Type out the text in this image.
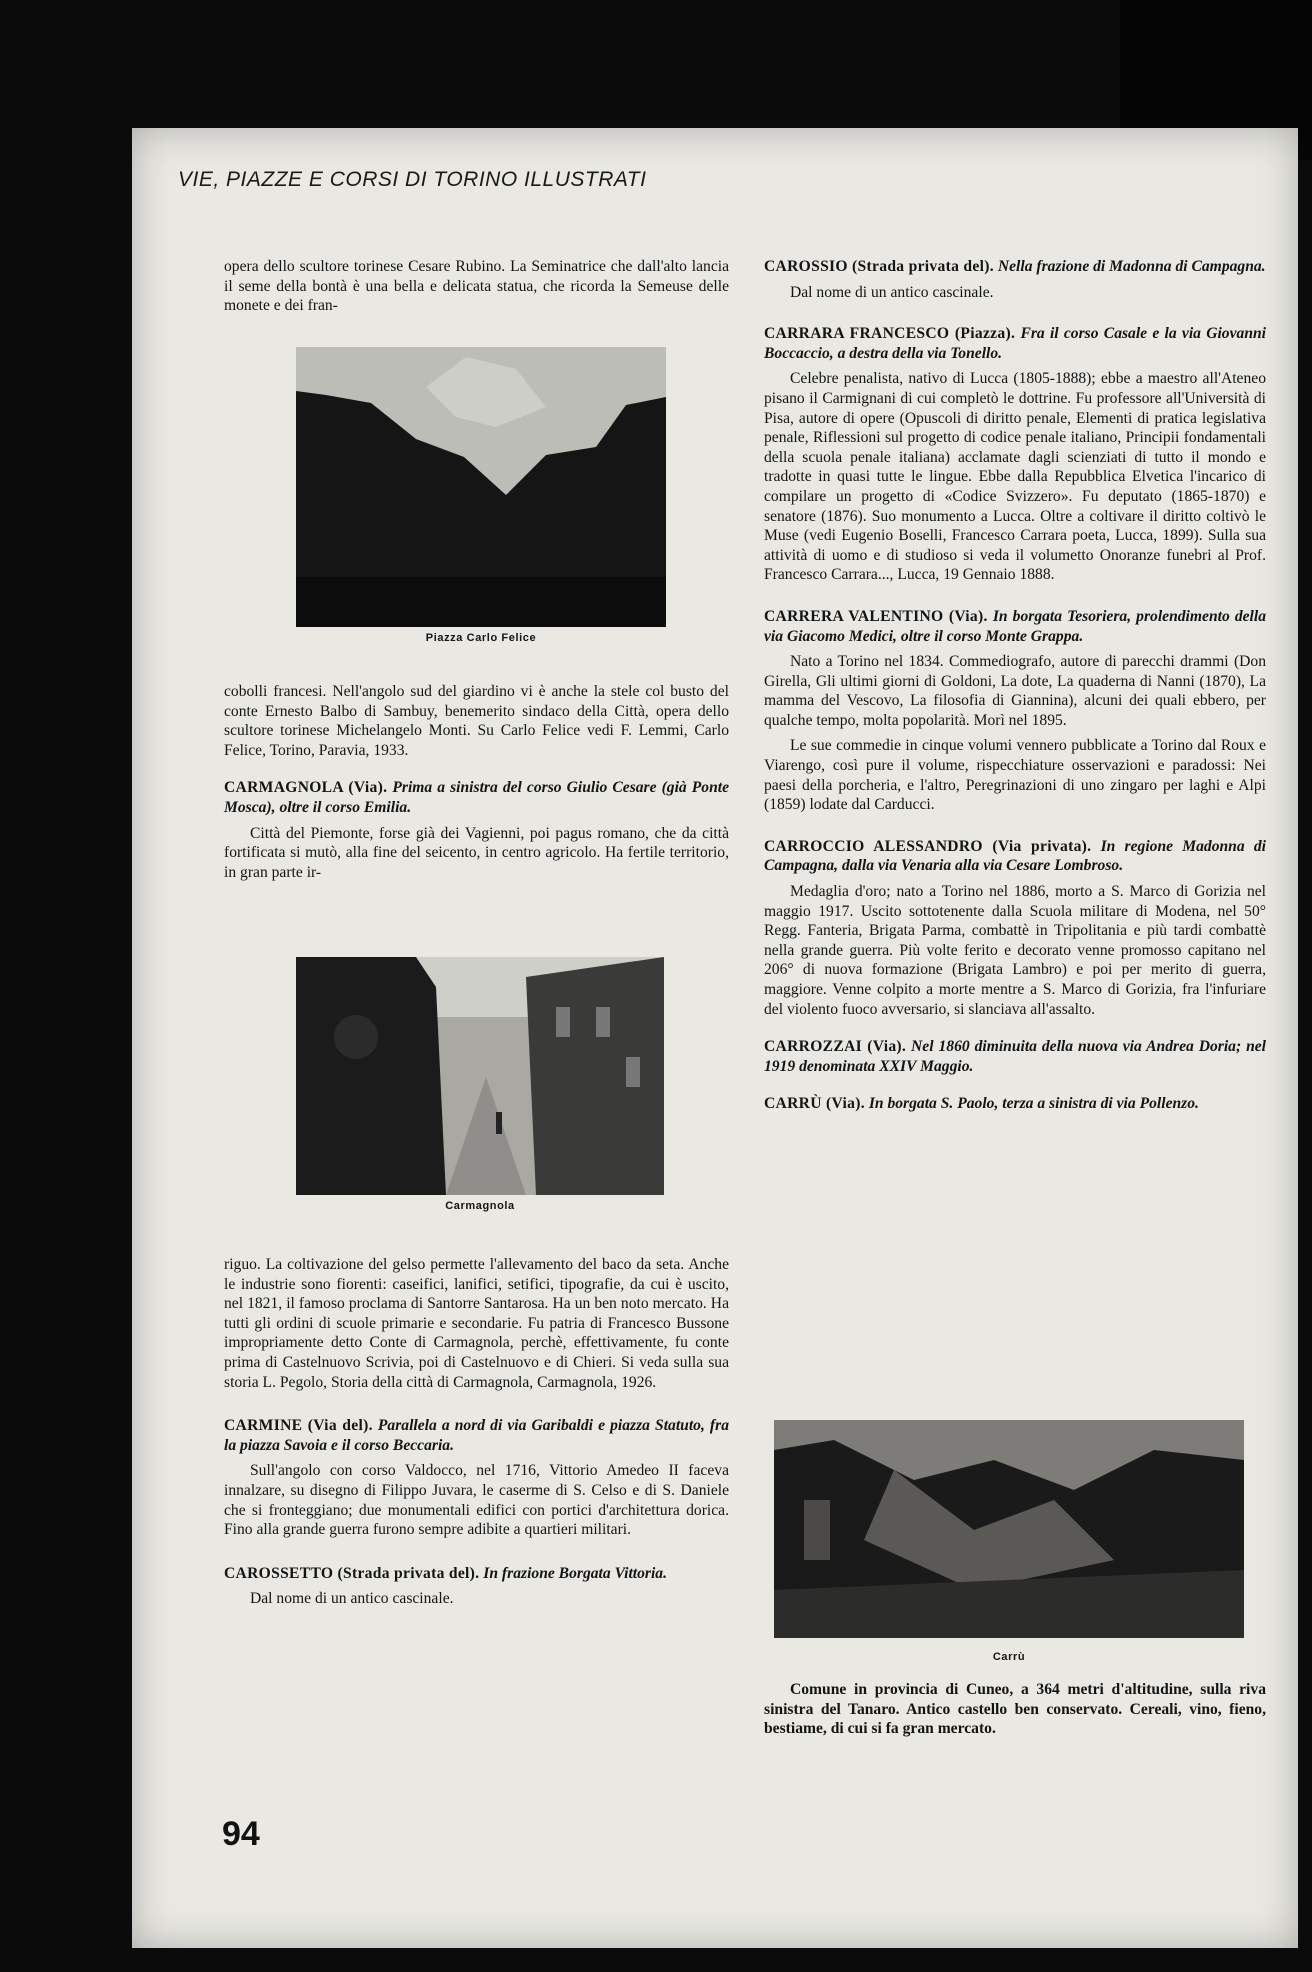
VIE, PIAZZE E CORSI DI TORINO ILLUSTRATI

opera dello scultore torinese Cesare Rubino. La Seminatrice che dall'alto lancia il seme della bontà è una bella e delicata statua, che ricorda la Semeuse delle monete e dei fran-

Piazza Carlo Felice

cobolli francesi. Nell'angolo sud del giardino vi è anche la stele col busto del conte Ernesto Balbo di Sambuy, benemerito sindaco della Città, opera dello scultore torinese Michelangelo Monti. Su Carlo Felice vedi F. Lemmi, Carlo Felice, Torino, Paravia, 1933.

CARMAGNOLA (Via). Prima a sinistra del corso Giulio Cesare (già Ponte Mosca), oltre il corso Emilia.

Città del Piemonte, forse già dei Vagienni, poi pagus romano, che da città fortificata si mutò, alla fine del seicento, in centro agricolo. Ha fertile territorio, in gran parte ir-

Carmagnola

riguo. La coltivazione del gelso permette l'allevamento del baco da seta. Anche le industrie sono fiorenti: caseifici, lanifici, setifici, tipografie, da cui è uscito, nel 1821, il famoso proclama di Santorre Santarosa. Ha un ben noto mercato. Ha tutti gli ordini di scuole primarie e secondarie. Fu patria di Francesco Bussone impropriamente detto Conte di Carmagnola, perchè, effettivamente, fu conte prima di Castelnuovo Scrivia, poi di Castelnuovo e di Chieri. Si veda sulla sua storia L. Pegolo, Storia della città di Carmagnola, Carmagnola, 1926.

CARMINE (Via del). Parallela a nord di via Garibaldi e piazza Statuto, fra la piazza Savoia e il corso Beccaria.

Sull'angolo con corso Valdocco, nel 1716, Vittorio Amedeo II faceva innalzare, su disegno di Filippo Juvara, le caserme di S. Celso e di S. Daniele che si fronteggiano; due monumentali edifici con portici d'architettura dorica. Fino alla grande guerra furono sempre adibite a quartieri militari.

CAROSSETTO (Strada privata del). In frazione Borgata Vittoria.

Dal nome di un antico cascinale.

CAROSSIO (Strada privata del). Nella frazione di Madonna di Campagna.

Dal nome di un antico cascinale.

CARRARA FRANCESCO (Piazza). Fra il corso Casale e la via Giovanni Boccaccio, a destra della via Tonello.

Celebre penalista, nativo di Lucca (1805-1888); ebbe a maestro all'Ateneo pisano il Carmignani di cui completò le dottrine. Fu professore all'Università di Pisa, autore di opere (Opuscoli di diritto penale, Elementi di pratica legislativa penale, Riflessioni sul progetto di codice penale italiano, Principii fondamentali della scuola penale italiana) acclamate dagli scienziati di tutto il mondo e tradotte in quasi tutte le lingue. Ebbe dalla Repubblica Elvetica l'incarico di compilare un progetto di «Codice Svizzero». Fu deputato (1865-1870) e senatore (1876). Suo monumento a Lucca. Oltre a coltivare il diritto coltivò le Muse (vedi Eugenio Boselli, Francesco Carrara poeta, Lucca, 1899). Sulla sua attività di uomo e di studioso si veda il volumetto Onoranze funebri al Prof. Francesco Carrara..., Lucca, 19 Gennaio 1888.

CARRERA VALENTINO (Via). In borgata Tesoriera, prolendimento della via Giacomo Medici, oltre il corso Monte Grappa.

Nato a Torino nel 1834. Commediografo, autore di parecchi drammi (Don Girella, Gli ultimi giorni di Goldoni, La dote, La quaderna di Nanni (1870), La mamma del Vescovo, La filosofia di Giannina), alcuni dei quali ebbero, per qualche tempo, molta popolarità. Morì nel 1895.

Le sue commedie in cinque volumi vennero pubblicate a Torino dal Roux e Viarengo, così pure il volume, rispecchiature osservazioni e paradossi: Nei paesi della porcheria, e l'altro, Peregrinazioni di uno zingaro per laghi e Alpi (1859) lodate dal Carducci.

CARROCCIO ALESSANDRO (Via privata). In regione Madonna di Campagna, dalla via Venaria alla via Cesare Lombroso.

Medaglia d'oro; nato a Torino nel 1886, morto a S. Marco di Gorizia nel maggio 1917. Uscito sottotenente dalla Scuola militare di Modena, nel 50° Regg. Fanteria, Brigata Parma, combattè in Tripolitania e più tardi combattè nella grande guerra. Più volte ferito e decorato venne promosso capitano nel 206° di nuova formazione (Brigata Lambro) e poi per merito di guerra, maggiore. Venne colpito a morte mentre a S. Marco di Gorizia, fra l'infuriare del violento fuoco avversario, si slanciava all'assalto.

CARROZZAI (Via). Nel 1860 diminuita della nuova via Andrea Doria; nel 1919 denominata XXIV Maggio.

CARRÙ (Via). In borgata S. Paolo, terza a sinistra di via Pollenzo.

Carrù

Comune in provincia di Cuneo, a 364 metri d'altitudine, sulla riva sinistra del Tanaro. Antico castello ben conservato. Cereali, vino, fieno, bestiame, di cui si fa gran mercato.

94
